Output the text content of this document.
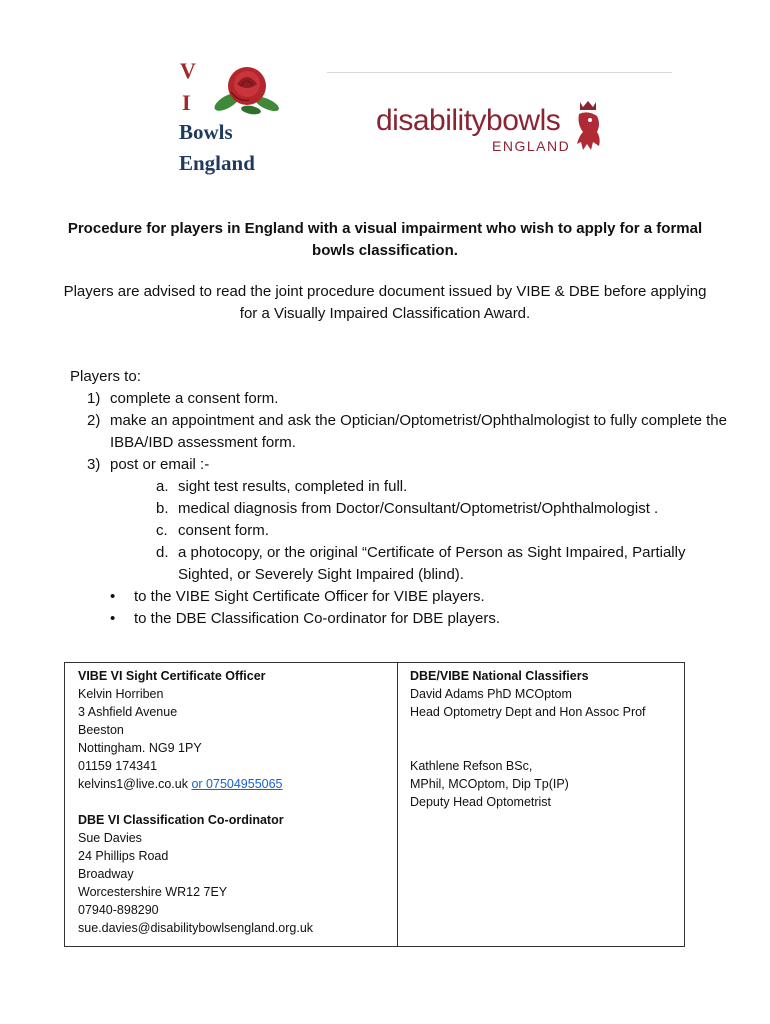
V
I
Bowls
England
disabilitybowls
ENGLAND
Procedure for players in England with a visual impairment who wish to apply for a formal bowls classification.
Players are advised to read the joint procedure document issued by VIBE & DBE before applying for a Visually Impaired Classification Award.
Players to:
1) complete a consent form.
2) make an appointment and ask the Optician/Optometrist/Ophthalmologist to fully complete the IBBA/IBD assessment form.
3) post or email :-
a. sight test results, completed in full.
b. medical diagnosis from Doctor/Consultant/Optometrist/Ophthalmologist .
c. consent form.
d. a photocopy, or the original “Certificate of Person as Sight Impaired, Partially Sighted, or Severely Sight Impaired (blind).
• to the VIBE Sight Certificate Officer for VIBE players.
• to the DBE Classification Co-ordinator for DBE players.
VIBE VI Sight Certificate Officer
Kelvin Horriben
3 Ashfield Avenue
Beeston
Nottingham. NG9 1PY
01159 174341
kelvins1@live.co.uk or 07504955065
DBE VI Classification Co-ordinator
Sue Davies
24 Phillips Road
Broadway
Worcestershire WR12 7EY
07940-898290
sue.davies@disabilitybowlsengland.org.uk
DBE/VIBE National Classifiers
David Adams PhD MCOptom
Head Optometry Dept and Hon Assoc Prof
Kathlene Refson BSc,
MPhil, MCOptom, Dip Tp(IP)
Deputy Head Optometrist
